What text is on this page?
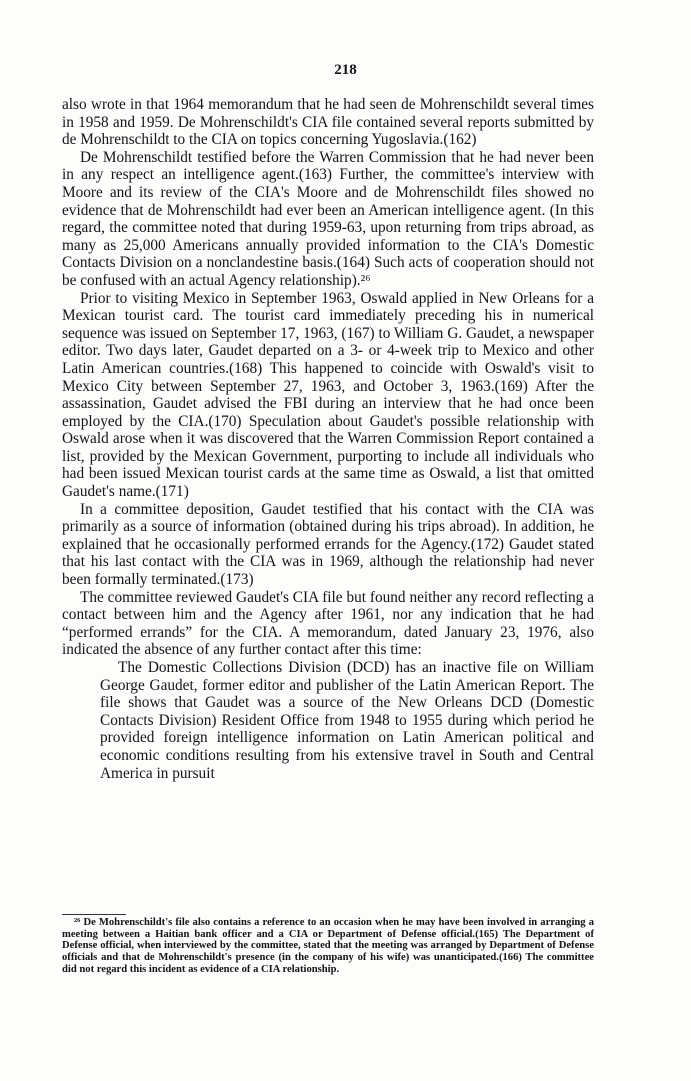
218

also wrote in that 1964 memorandum that he had seen de Mohrenschildt several times in 1958 and 1959. De Mohrenschildt's CIA file contained several reports submitted by de Mohrenschildt to the CIA on topics concerning Yugoslavia.(162)

De Mohrenschildt testified before the Warren Commission that he had never been in any respect an intelligence agent.(163) Further, the committee's interview with Moore and its review of the CIA's Moore and de Mohrenschildt files showed no evidence that de Mohrenschildt had ever been an American intelligence agent. (In this regard, the committee noted that during 1959-63, upon returning from trips abroad, as many as 25,000 Americans annually provided information to the CIA's Domestic Contacts Division on a nonclandestine basis.(164) Such acts of cooperation should not be confused with an actual Agency relationship).²⁶

Prior to visiting Mexico in September 1963, Oswald applied in New Orleans for a Mexican tourist card. The tourist card immediately preceding his in numerical sequence was issued on September 17, 1963, (167) to William G. Gaudet, a newspaper editor. Two days later, Gaudet departed on a 3- or 4-week trip to Mexico and other Latin American countries.(168) This happened to coincide with Oswald's visit to Mexico City between September 27, 1963, and October 3, 1963.(169) After the assassination, Gaudet advised the FBI during an interview that he had once been employed by the CIA.(170) Speculation about Gaudet's possible relationship with Oswald arose when it was discovered that the Warren Commission Report contained a list, provided by the Mexican Government, purporting to include all individuals who had been issued Mexican tourist cards at the same time as Oswald, a list that omitted Gaudet's name.(171)

In a committee deposition, Gaudet testified that his contact with the CIA was primarily as a source of information (obtained during his trips abroad). In addition, he explained that he occasionally performed errands for the Agency.(172) Gaudet stated that his last contact with the CIA was in 1969, although the relationship had never been formally terminated.(173)

The committee reviewed Gaudet's CIA file but found neither any record reflecting a contact between him and the Agency after 1961, nor any indication that he had “performed errands” for the CIA. A memorandum, dated January 23, 1976, also indicated the absence of any further contact after this time:

The Domestic Collections Division (DCD) has an inactive file on William George Gaudet, former editor and publisher of the Latin American Report. The file shows that Gaudet was a source of the New Orleans DCD (Domestic Contacts Division) Resident Office from 1948 to 1955 during which period he provided foreign intelligence information on Latin American political and economic conditions resulting from his extensive travel in South and Central America in pursuit

²⁶ De Mohrenschildt's file also contains a reference to an occasion when he may have been involved in arranging a meeting between a Haitian bank officer and a CIA or Department of Defense official.(165) The Department of Defense official, when interviewed by the committee, stated that the meeting was arranged by Department of Defense officials and that de Mohrenschildt's presence (in the company of his wife) was unanticipated.(166) The committee did not regard this incident as evidence of a CIA relationship.
